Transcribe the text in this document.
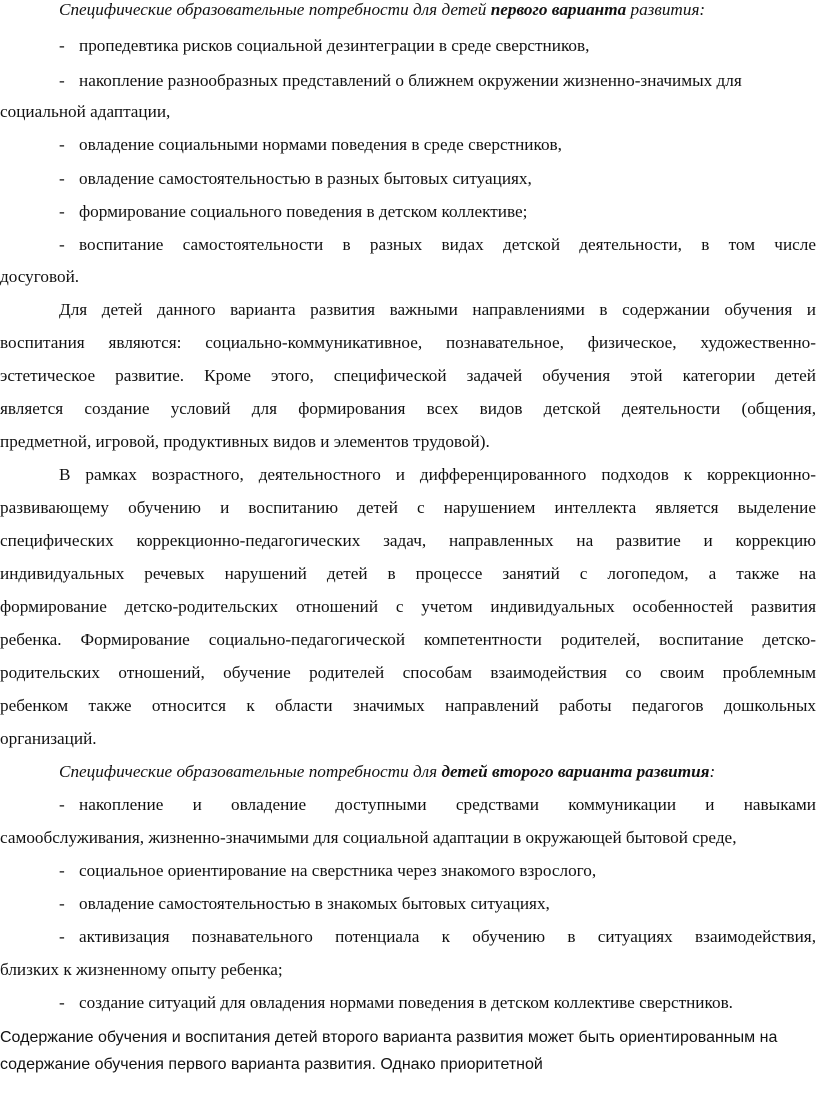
Специфические образовательные потребности для детей первого варианта развития:
- пропедевтика рисков социальной дезинтеграции в среде сверстников,
- накопление разнообразных представлений о ближнем окружении жизненно-значимых для
социальной адаптации,
- овладение социальными нормами поведения в среде сверстников,
- овладение самостоятельностью в разных бытовых ситуациях,
- формирование социального поведения в детском коллективе;
- воспитание самостоятельности в разных видах детской деятельности, в том числе
досуговой.
Для детей данного варианта развития важными направлениями в содержании обучения и
воспитания являются: социально-коммуникативное, познавательное, физическое, художественно-
эстетическое развитие. Кроме этого, специфической задачей обучения этой категории детей
является создание условий для формирования всех видов детской деятельности (общения,
предметной, игровой, продуктивных видов и элементов трудовой).
В рамках возрастного, деятельностного и дифференцированного подходов к коррекционно-
развивающему обучению и воспитанию детей с нарушением интеллекта является выделение
специфических коррекционно-педагогических задач, направленных на развитие и коррекцию
индивидуальных речевых нарушений детей в процессе занятий с логопедом, а также на
формирование детско-родительских отношений с учетом индивидуальных особенностей развития
ребенка. Формирование социально-педагогической компетентности родителей, воспитание детско-
родительских отношений, обучение родителей способам взаимодействия со своим проблемным
ребенком также относится к области значимых направлений работы педагогов дошкольных
организаций.
Специфические образовательные потребности для детей второго варианта развития:
- накопление и овладение доступными средствами коммуникации и навыками
самообслуживания, жизненно-значимыми для социальной адаптации в окружающей бытовой среде,
- социальное ориентирование на сверстника через знакомого взрослого,
- овладение самостоятельностью в знакомых бытовых ситуациях,
- активизация познавательного потенциала к обучению в ситуациях взаимодействия,
близких к жизненному опыту ребенка;
- создание ситуаций для овладения нормами поведения в детском коллективе сверстников.
Содержание обучения и воспитания детей второго варианта развития может быть ориентированным на
содержание обучения первого варианта развития. Однако приоритетной
